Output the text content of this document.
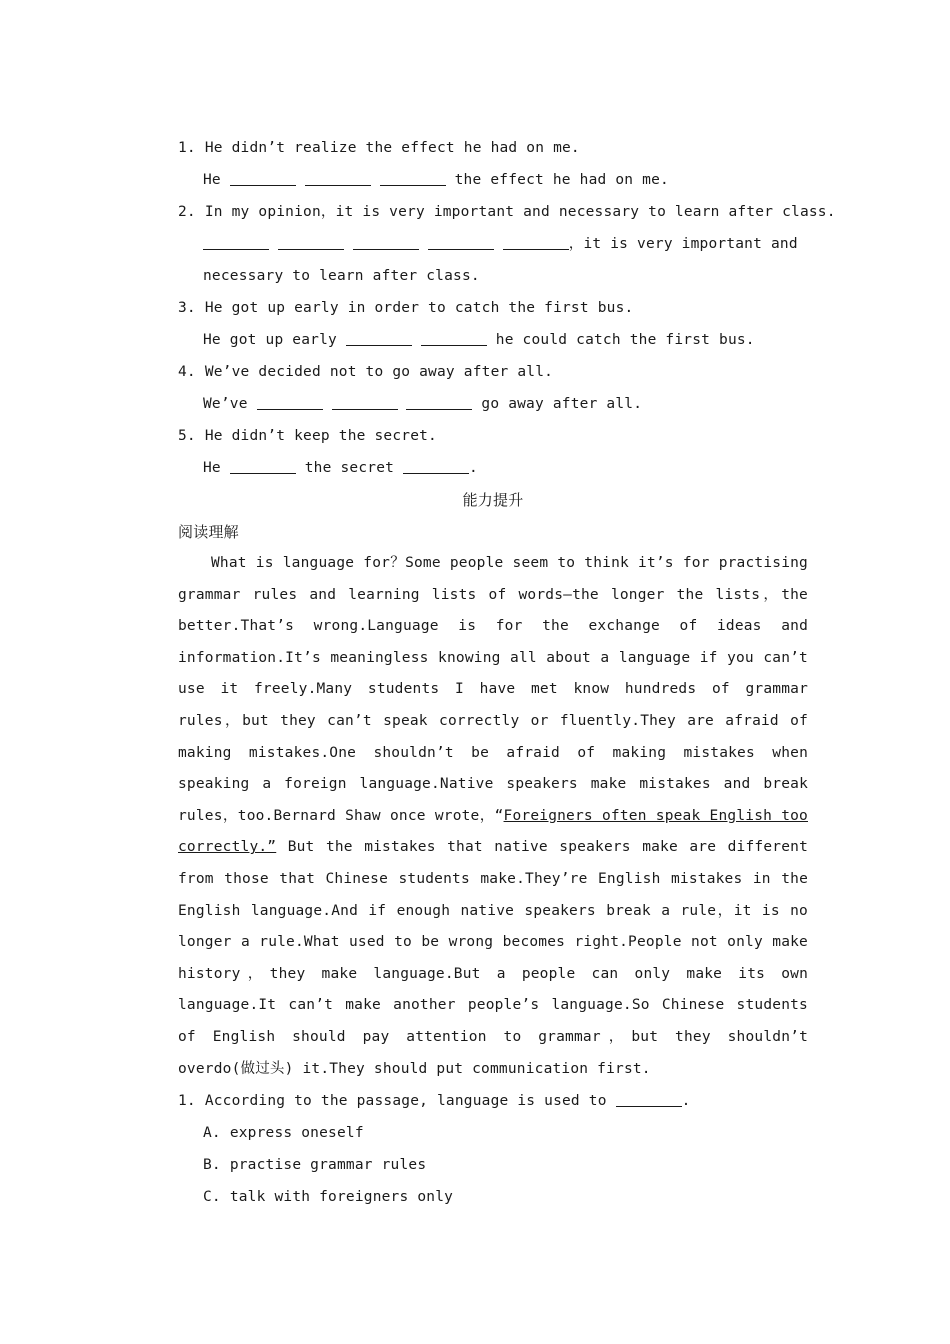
1. He didn’t realize the effect he had on me.
He	the effect he had on me.
2. In my opinion，it is very important and necessary to learn after class.
，it is very important and
necessary to learn after class.
3. He got up early in order to catch the first bus.
He got up early	he could catch the first bus.
4. We’ve decided not to go away after all.
We’ve	go away after all.
5. He didn’t keep the secret.
He	the secret	.
能力提升
阅读理解
What is language for？Some people seem to think it’s for practising grammar rules and learning lists of words—the longer the lists，the better.That’s wrong.Language is for the exchange of ideas and information.It’s meaningless knowing all about a language if you can’t use it freely.Many students I have met know hundreds of grammar rules，but they can’t speak correctly or fluently.They are afraid of making mistakes.One shouldn’t be afraid of making mistakes when speaking a foreign language.Native speakers make mistakes and break rules，too.Bernard Shaw once wrote，“Foreigners often speak English too correctly.” But the mistakes that native speakers make are different from those that Chinese students make.They’re English mistakes in the English language.And if enough native speakers break a rule，it is no longer a rule.What used to be wrong becomes right.People not only make history，they make language.But a people can only make its own language.It can’t make another people’s language.So Chinese students of English should pay attention to grammar，but they shouldn’t overdo(做过头) it.They should put communication first.
1. According to the passage, language is used to	.
A. express oneself
B. practise grammar rules
C. talk with foreigners only
